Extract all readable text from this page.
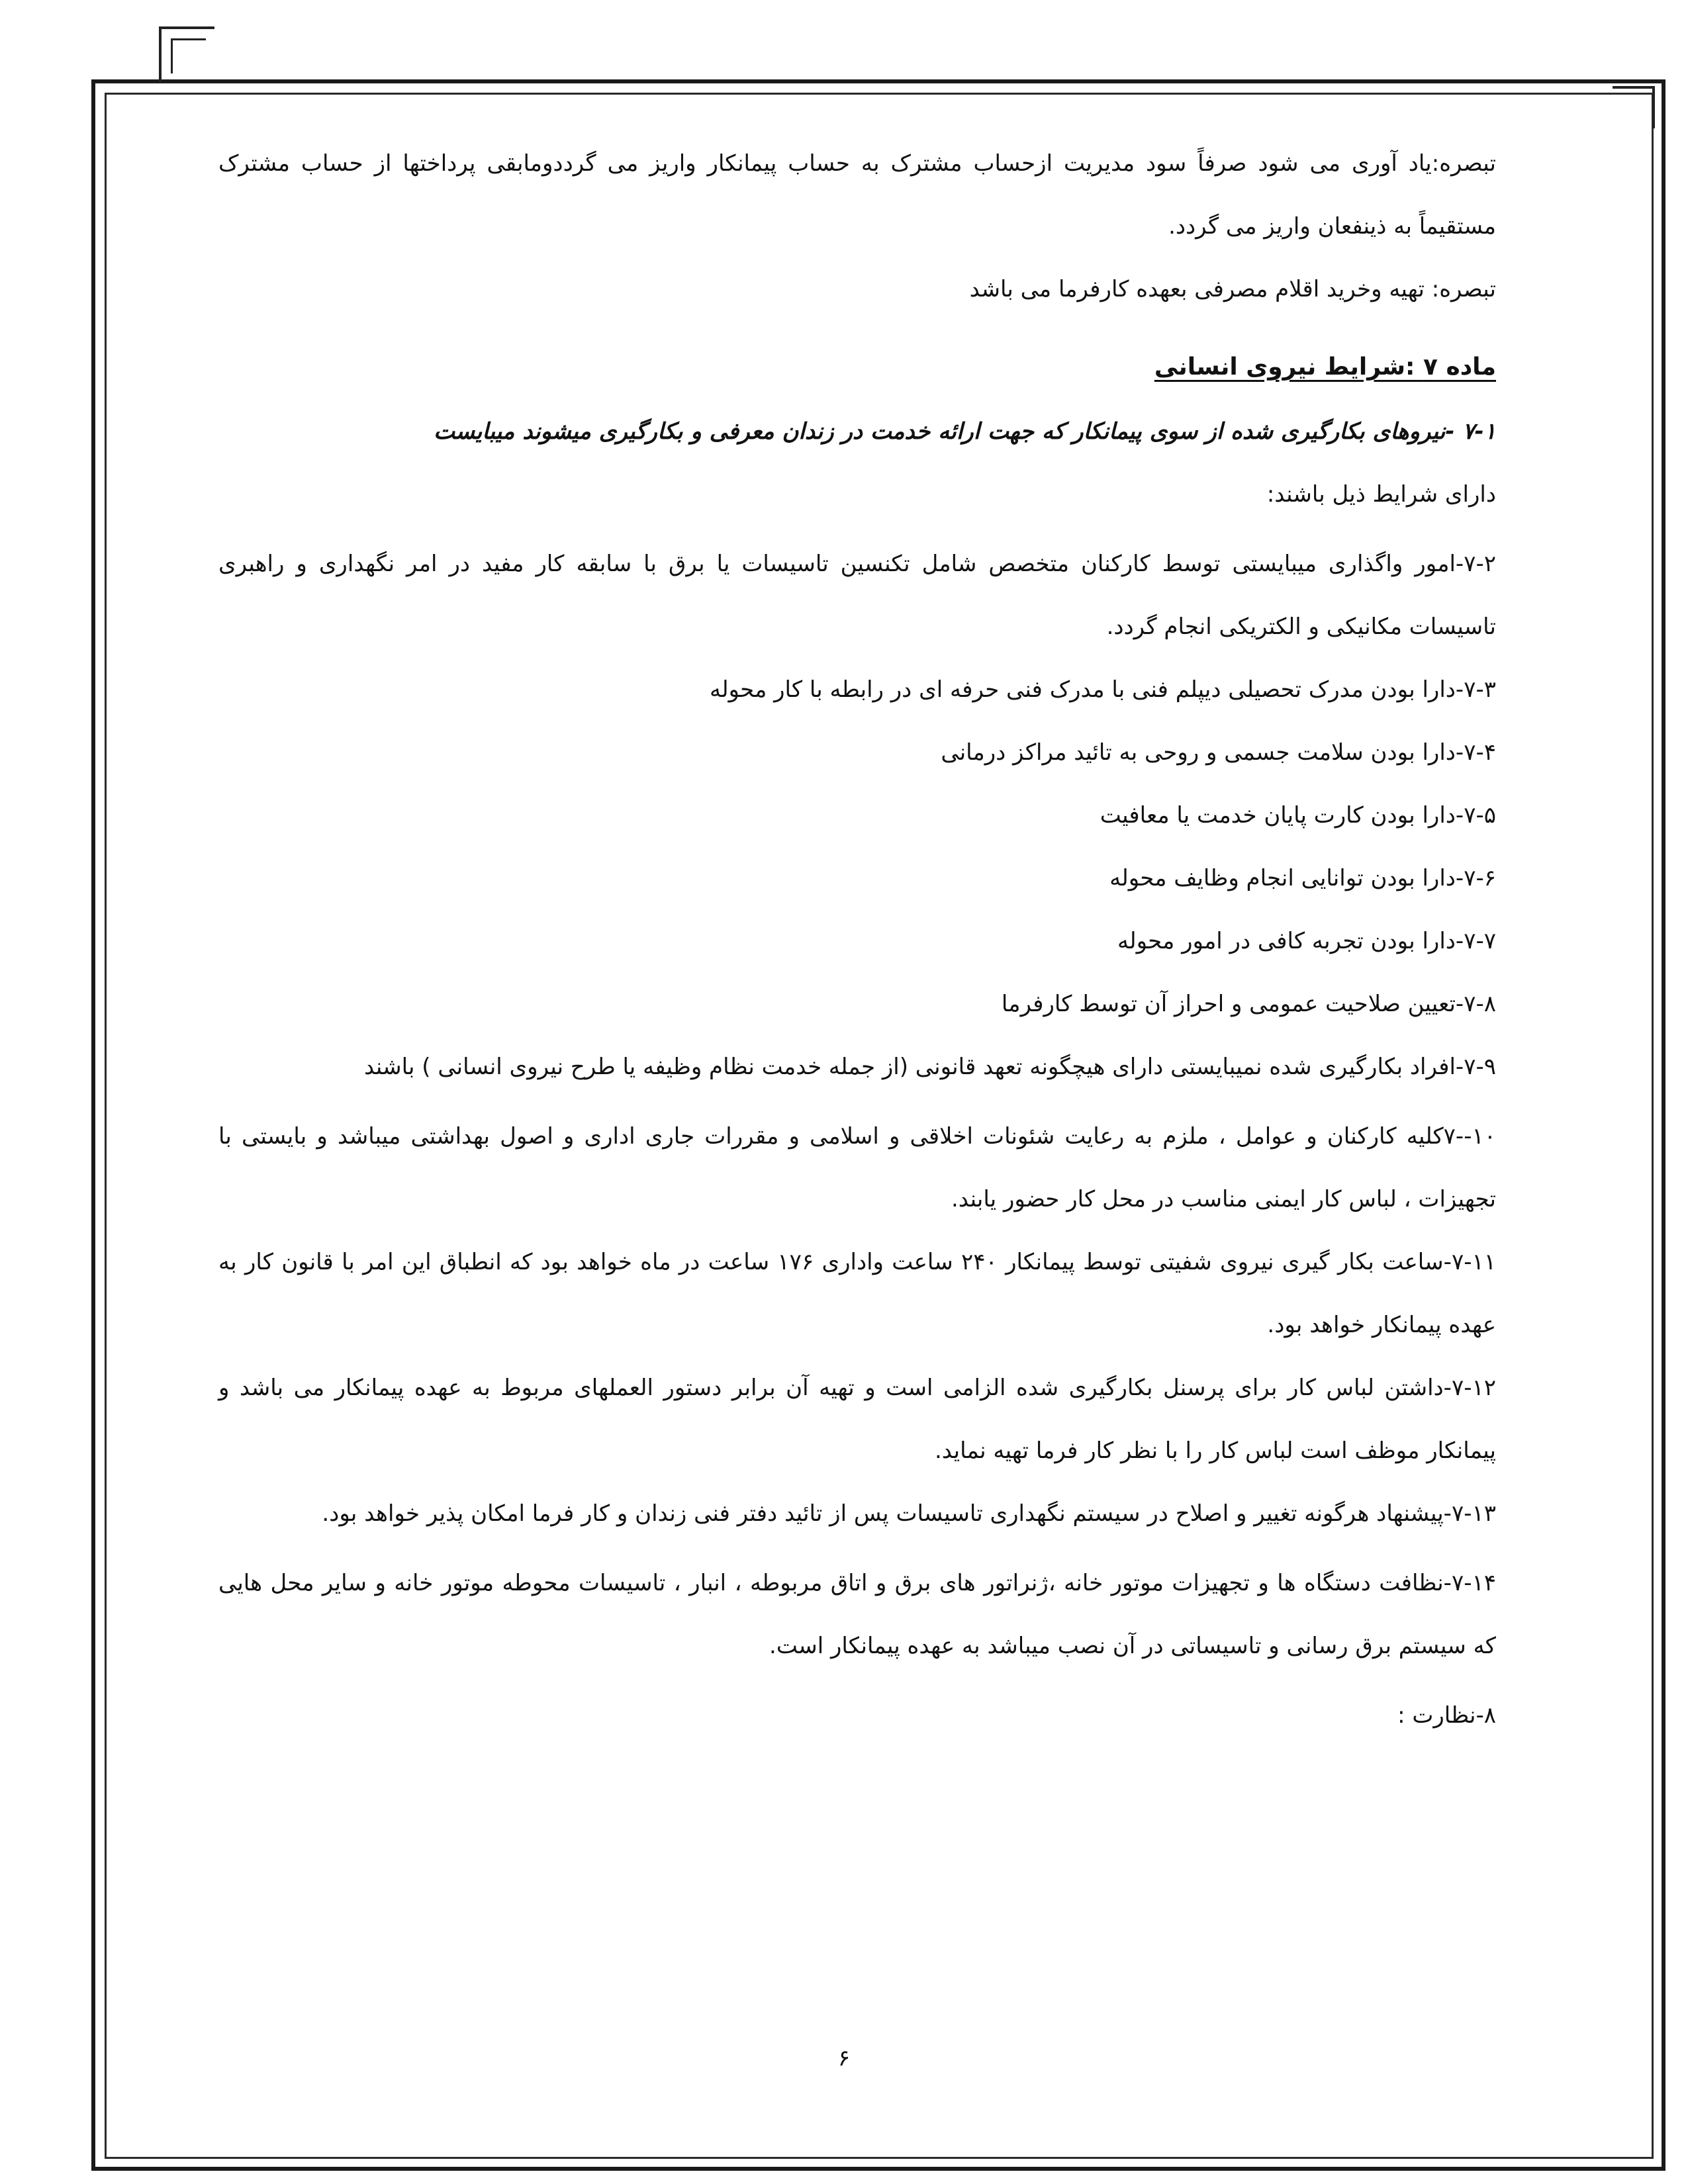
تبصره:یاد آوری می شود صرفاً سود مدیریت ازحساب مشترک به حساب پیمانکار واریز می گرددومابقی پرداختها از حساب مشترک مستقیماً به ذینفعان واریز می گردد.

تبصره: تهیه وخرید اقلام مصرفی بعهده کارفرما می باشد

ماده ۷ :شرایط نیروی انسانی

۷-۱ -نیروهای بکارگیری شده از سوی پیمانکار که جهت ارائه خدمت در زندان معرفی و بکارگیری میشوند میبایست

دارای شرایط ذیل باشند:

۷-۲-امور واگذاری میبایستی توسط کارکنان متخصص شامل تکنسین تاسیسات یا برق با سابقه کار مفید در امر نگهداری و راهبری تاسیسات مکانیکی و الکتریکی انجام گردد.

۷-۳-دارا بودن مدرک تحصیلی دیپلم فنی با مدرک فنی حرفه ای در رابطه با کار محوله

۷-۴-دارا بودن سلامت جسمی و روحی به تائید مراکز درمانی

۷-۵-دارا بودن کارت پایان خدمت یا معافیت

۷-۶-دارا بودن توانایی انجام وظایف محوله

۷-۷-دارا بودن تجربه کافی در امور محوله

۷-۸-تعیین صلاحیت عمومی و احراز آن توسط کارفرما

۷-۹-افراد بکارگیری شده نمیبایستی دارای هیچگونه تعهد قانونی (از جمله خدمت نظام وظیفه یا طرح نیروی انسانی ) باشند

۱۰--۷کلیه کارکنان و عوامل ، ملزم به رعایت شئونات اخلاقی و اسلامی و مقررات جاری اداری و اصول بهداشتی میباشد و بایستی با تجهیزات ، لباس کار ایمنی مناسب در محل کار حضور یابند.

۷-۱۱-ساعت بکار گیری نیروی شفیتی توسط پیمانکار ۲۴۰ ساعت واداری ۱۷۶ ساعت در ماه خواهد بود که انطباق این امر با قانون کار به عهده پیمانکار خواهد بود.

۷-۱۲-داشتن لباس کار برای پرسنل بکارگیری شده الزامی است و تهیه آن برابر دستور العملهای مربوط به عهده پیمانکار می باشد و پیمانکار موظف است لباس کار را با نظر کار فرما تهیه نماید.

۷-۱۳-پیشنهاد هرگونه تغییر و اصلاح در سیستم نگهداری تاسیسات پس از تائید دفتر فنی زندان و کار فرما امکان پذیر خواهد بود.

۷-۱۴-نظافت دستگاه ها و تجهیزات موتور خانه ،ژنراتور های برق و اتاق مربوطه ، انبار ، تاسیسات محوطه موتور خانه و سایر محل هایی که سیستم برق رسانی و تاسیساتی در آن نصب میباشد به عهده پیمانکار است.

۸-نظارت :

۶
